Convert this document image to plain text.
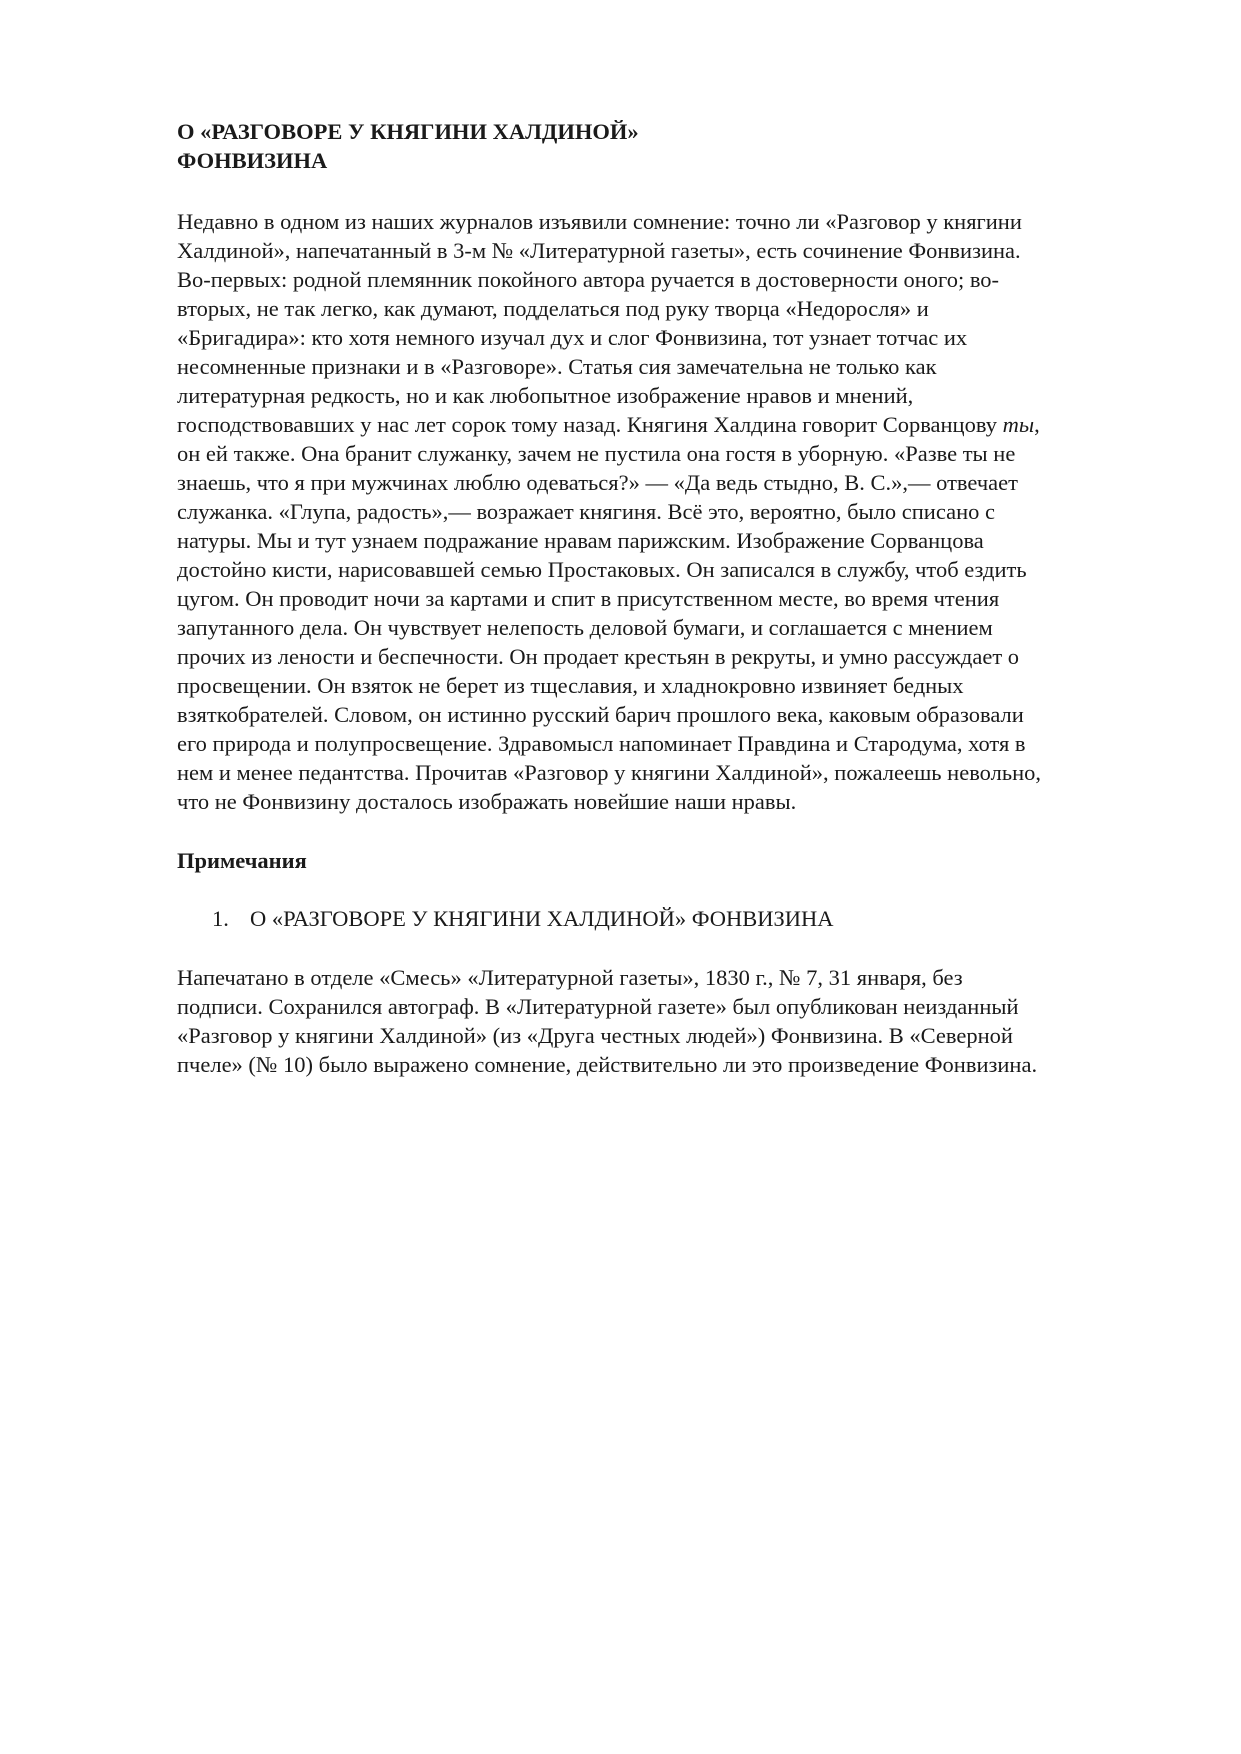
О «РАЗГОВОРЕ У КНЯГИНИ ХАЛДИНОЙ»
ФОНВИЗИНА
Недавно в одном из наших журналов изъявили сомнение: точно ли «Разговор у княгини
Халдиной», напечатанный в 3-м № «Литературной газеты», есть сочинение Фонвизина.
Во-первых: родной племянник покойного автора ручается в достоверности оного; во-
вторых, не так легко, как думают, подделаться под руку творца «Недоросля» и
«Бригадира»: кто хотя немного изучал дух и слог Фонвизина, тот узнает тотчас их
несомненные признаки и в «Разговоре». Статья сия замечательна не только как
литературная редкость, но и как любопытное изображение нравов и мнений,
господствовавших у нас лет сорок тому назад. Княгиня Халдина говорит Сорванцову ты,
он ей также. Она бранит служанку, зачем не пустила она гостя в уборную. «Разве ты не
знаешь, что я при мужчинах люблю одеваться?» — «Да ведь стыдно, В. С.»,— отвечает
служанка. «Глупа, радость»,— возражает княгиня. Всё это, вероятно, было списано с
натуры. Мы и тут узнаем подражание нравам парижским. Изображение Сорванцова
достойно кисти, нарисовавшей семью Простаковых. Он записался в службу, чтоб ездить
цугом. Он проводит ночи за картами и спит в присутственном месте, во время чтения
запутанного дела. Он чувствует нелепость деловой бумаги, и соглашается с мнением
прочих из лености и беспечности. Он продает крестьян в рекруты, и умно рассуждает о
просвещении. Он взяток не берет из тщеславия, и хладнокровно извиняет бедных
взяткобрателей. Словом, он истинно русский барич прошлого века, каковым образовали
его природа и полупросвещение. Здравомысл напоминает Правдина и Стародума, хотя в
нем и менее педантства. Прочитав «Разговор у княгини Халдиной», пожалеешь невольно,
что не Фонвизину досталось изображать новейшие наши нравы.
Примечания
1. О «РАЗГОВОРЕ У КНЯГИНИ ХАЛДИНОЙ» ФОНВИЗИНА
Напечатано в отделе «Смесь» «Литературной газеты», 1830 г., № 7, 31 января, без
подписи. Сохранился автограф. В «Литературной газете» был опубликован неизданный
«Разговор у княгини Халдиной» (из «Друга честных людей») Фонвизина. В «Северной
пчеле» (№ 10) было выражено сомнение, действительно ли это произведение Фонвизина.
